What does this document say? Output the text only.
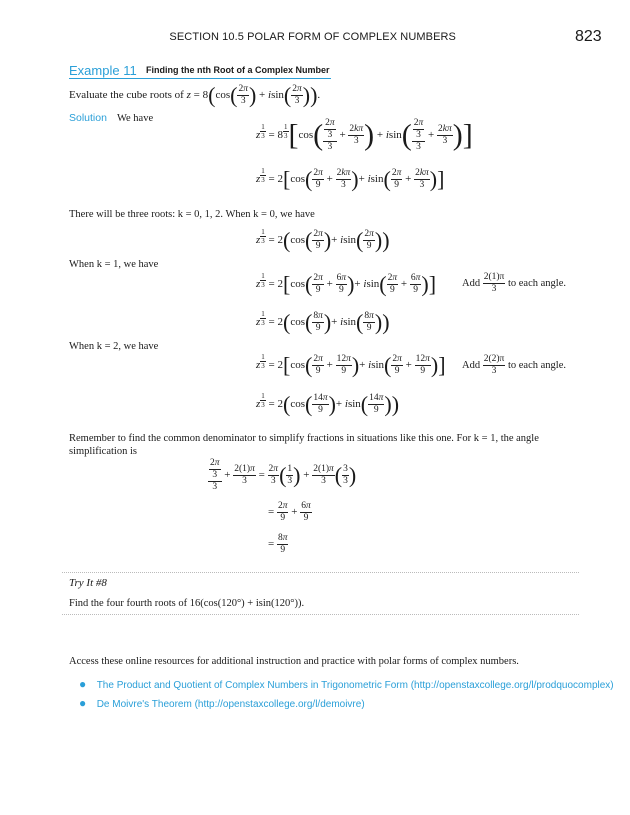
SECTION 10.5 POLAR FORM OF COMPLEX NUMBERS	823
Example 11 Finding the nth Root of a Complex Number
Evaluate the cube roots of $z = 8(\cos( \frac{2\pi}{3}$ ) + $isin( \frac{2\pi}{3}$ )).
Solution We have
z $^{\frac{1}{3}}$ = 8 $^{\frac{1}{3}}$ [$\cos( \frac{\frac{2\pi}{3}}{3} + \frac{2k\pi}{3}$ ) + $isin( \frac{\frac{2\pi}{3}}{3} + \frac{2k\pi}{3}$ )]
z $^{\frac{1}{3}} = 2[\cos( \frac{2\pi}{9} + \frac{2k\pi}{3}$ )+ $isin( \frac{2\pi}{9} + \frac{2k\pi}{3}$ )]
There will be three roots: k = 0, 1, 2. When k = 0, we have
z $^{\frac{1}{3}} = 2(\cos( \frac{2\pi}{9}$ )+ $isin( \frac{2\pi}{9}$ ))
When k = 1, we have
z $^{\frac{1}{3}} = 2[\cos( \frac{2\pi}{9} + \frac{6\pi}{9}$ )+ $isin( \frac{2\pi}{9} + \frac{6\pi}{9}$ )] Add $\frac{2(1)\pi}{3}$ to each angle.
z $^{\frac{1}{3}} = 2(\cos( \frac{8\pi}{9}$ )+ $isin( \frac{8\pi}{9}$ ))
When k = 2, we have
z $^{\frac{1}{3}} = 2[\cos( \frac{2\pi}{9} + \frac{12\pi}{9}$ )+ $isin( \frac{2\pi}{9} + \frac{12\pi}{9}$ )] Add $\frac{2(2)\pi}{3}$ to each angle.
z $^{\frac{1}{3}} = 2(\cos( \frac{14\pi}{9}$ )+ $isin( \frac{14\pi}{9}$ ))
Remember to find the common denominator to simplify fractions in situations like this one. For k = 1, the angle simplification is
$\frac{\frac{2\pi}{3}}{3} + \frac{2(1)\pi}{3} = \frac{2\pi}{3}$ ( $\frac{1}{3}$ ) + $\frac{2(1)\pi}{3}$ ( $\frac{3}{3}$ )
= $\frac{2\pi}{9} + \frac{6\pi}{9}$
= $\frac{8\pi}{9}$
Try It #8
Find the four fourth roots of 16(cos(120°) + isin(120°)).
Access these online resources for additional instruction and practice with polar forms of complex numbers.
● The Product and Quotient of Complex Numbers in Trigonometric Form (http://openstaxcollege.org/l/prodquocomplex)
● De Moivre's Theorem (http://openstaxcollege.org/l/demoivre)
